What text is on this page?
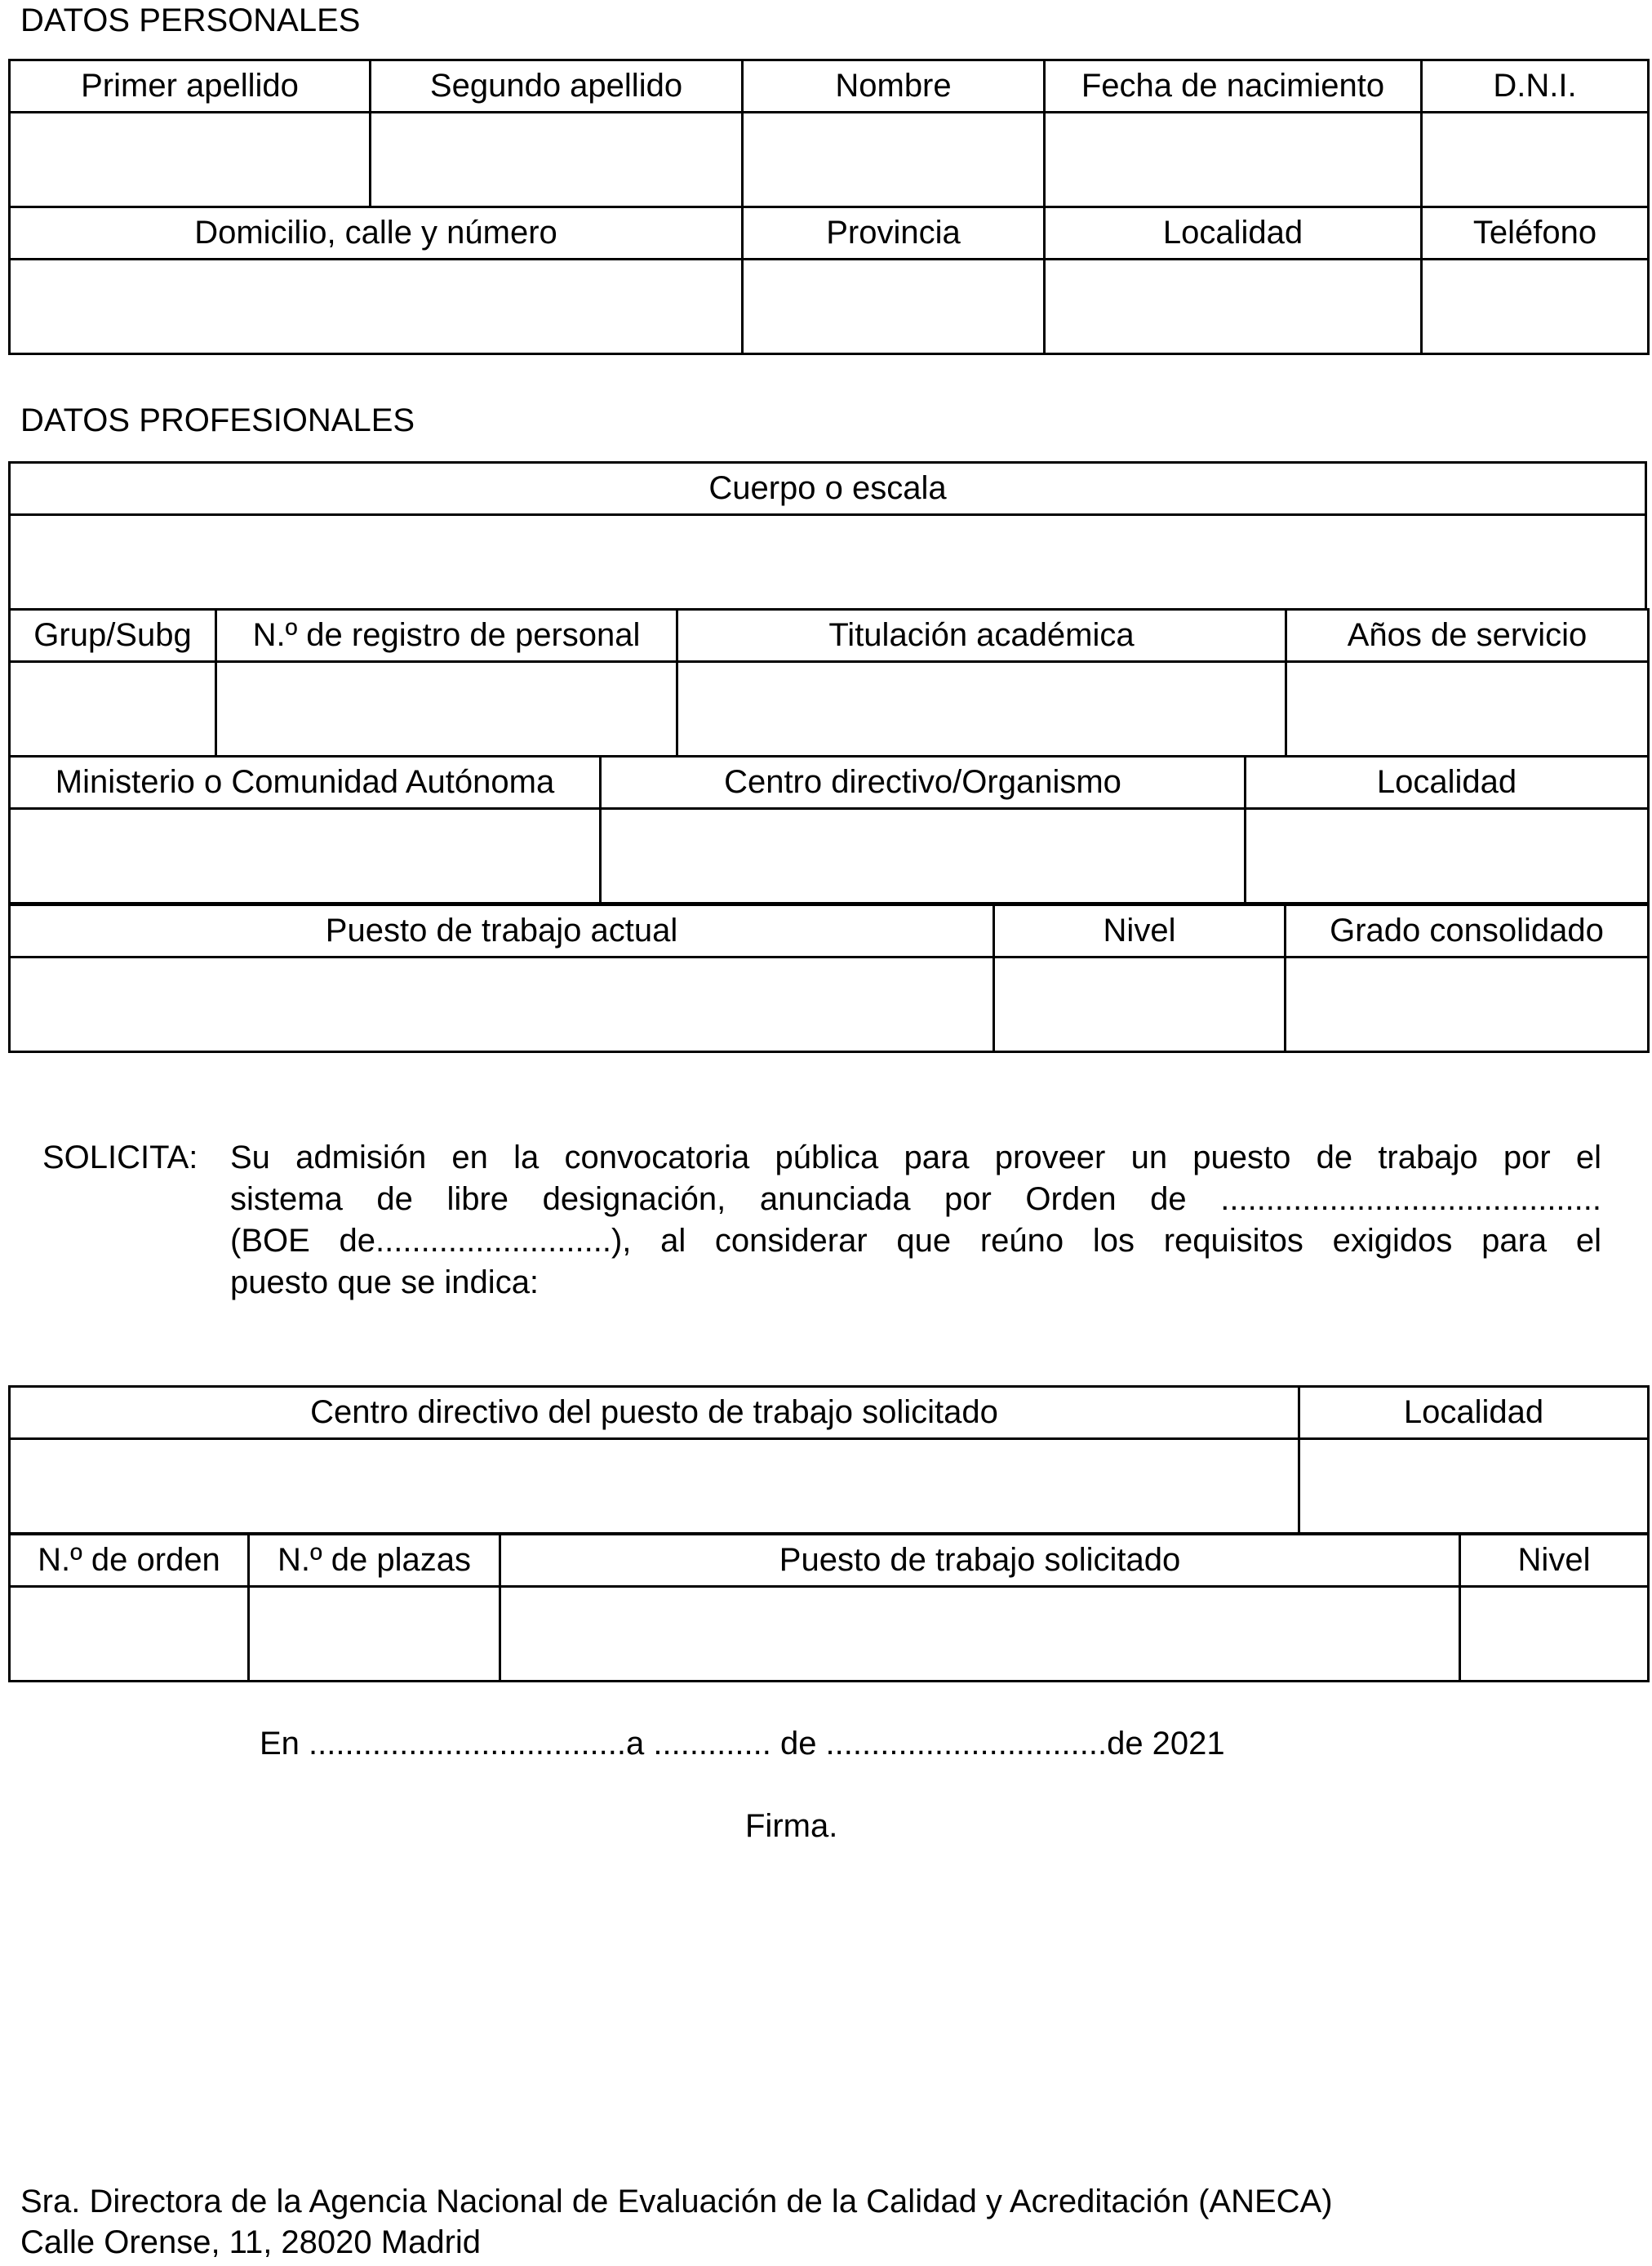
DATOS PERSONALES
Primer apellido	Segundo apellido	Nombre	Fecha de nacimiento	D.N.I.

Domicilio, calle y número		Provincia	Localidad	Teléfono

DATOS PROFESIONALES
Cuerpo o escala

Grup/Subg	N.º de registro de personal	Titulación académica	Años de servicio

Ministerio o Comunidad Autónoma	Centro directivo/Organismo	Localidad

Puesto de trabajo actual	Nivel	Grado consolidado

SOLICITA: Su admisión en la convocatoria pública para proveer un puesto de trabajo por el
sistema de libre designación, anunciada por Orden de ..........................................
(BOE de..........................), al considerar que reúno los requisitos exigidos para el
puesto que se indica:
Centro directivo del puesto de trabajo solicitado	Localidad

N.º de orden	N.º de plazas	Puesto de trabajo solicitado	Nivel

En ...................................a ............. de ...............................de 2021
Firma.
Sra. Directora de la Agencia Nacional de Evaluación de la Calidad y Acreditación (ANECA)
Calle Orense, 11, 28020 Madrid
